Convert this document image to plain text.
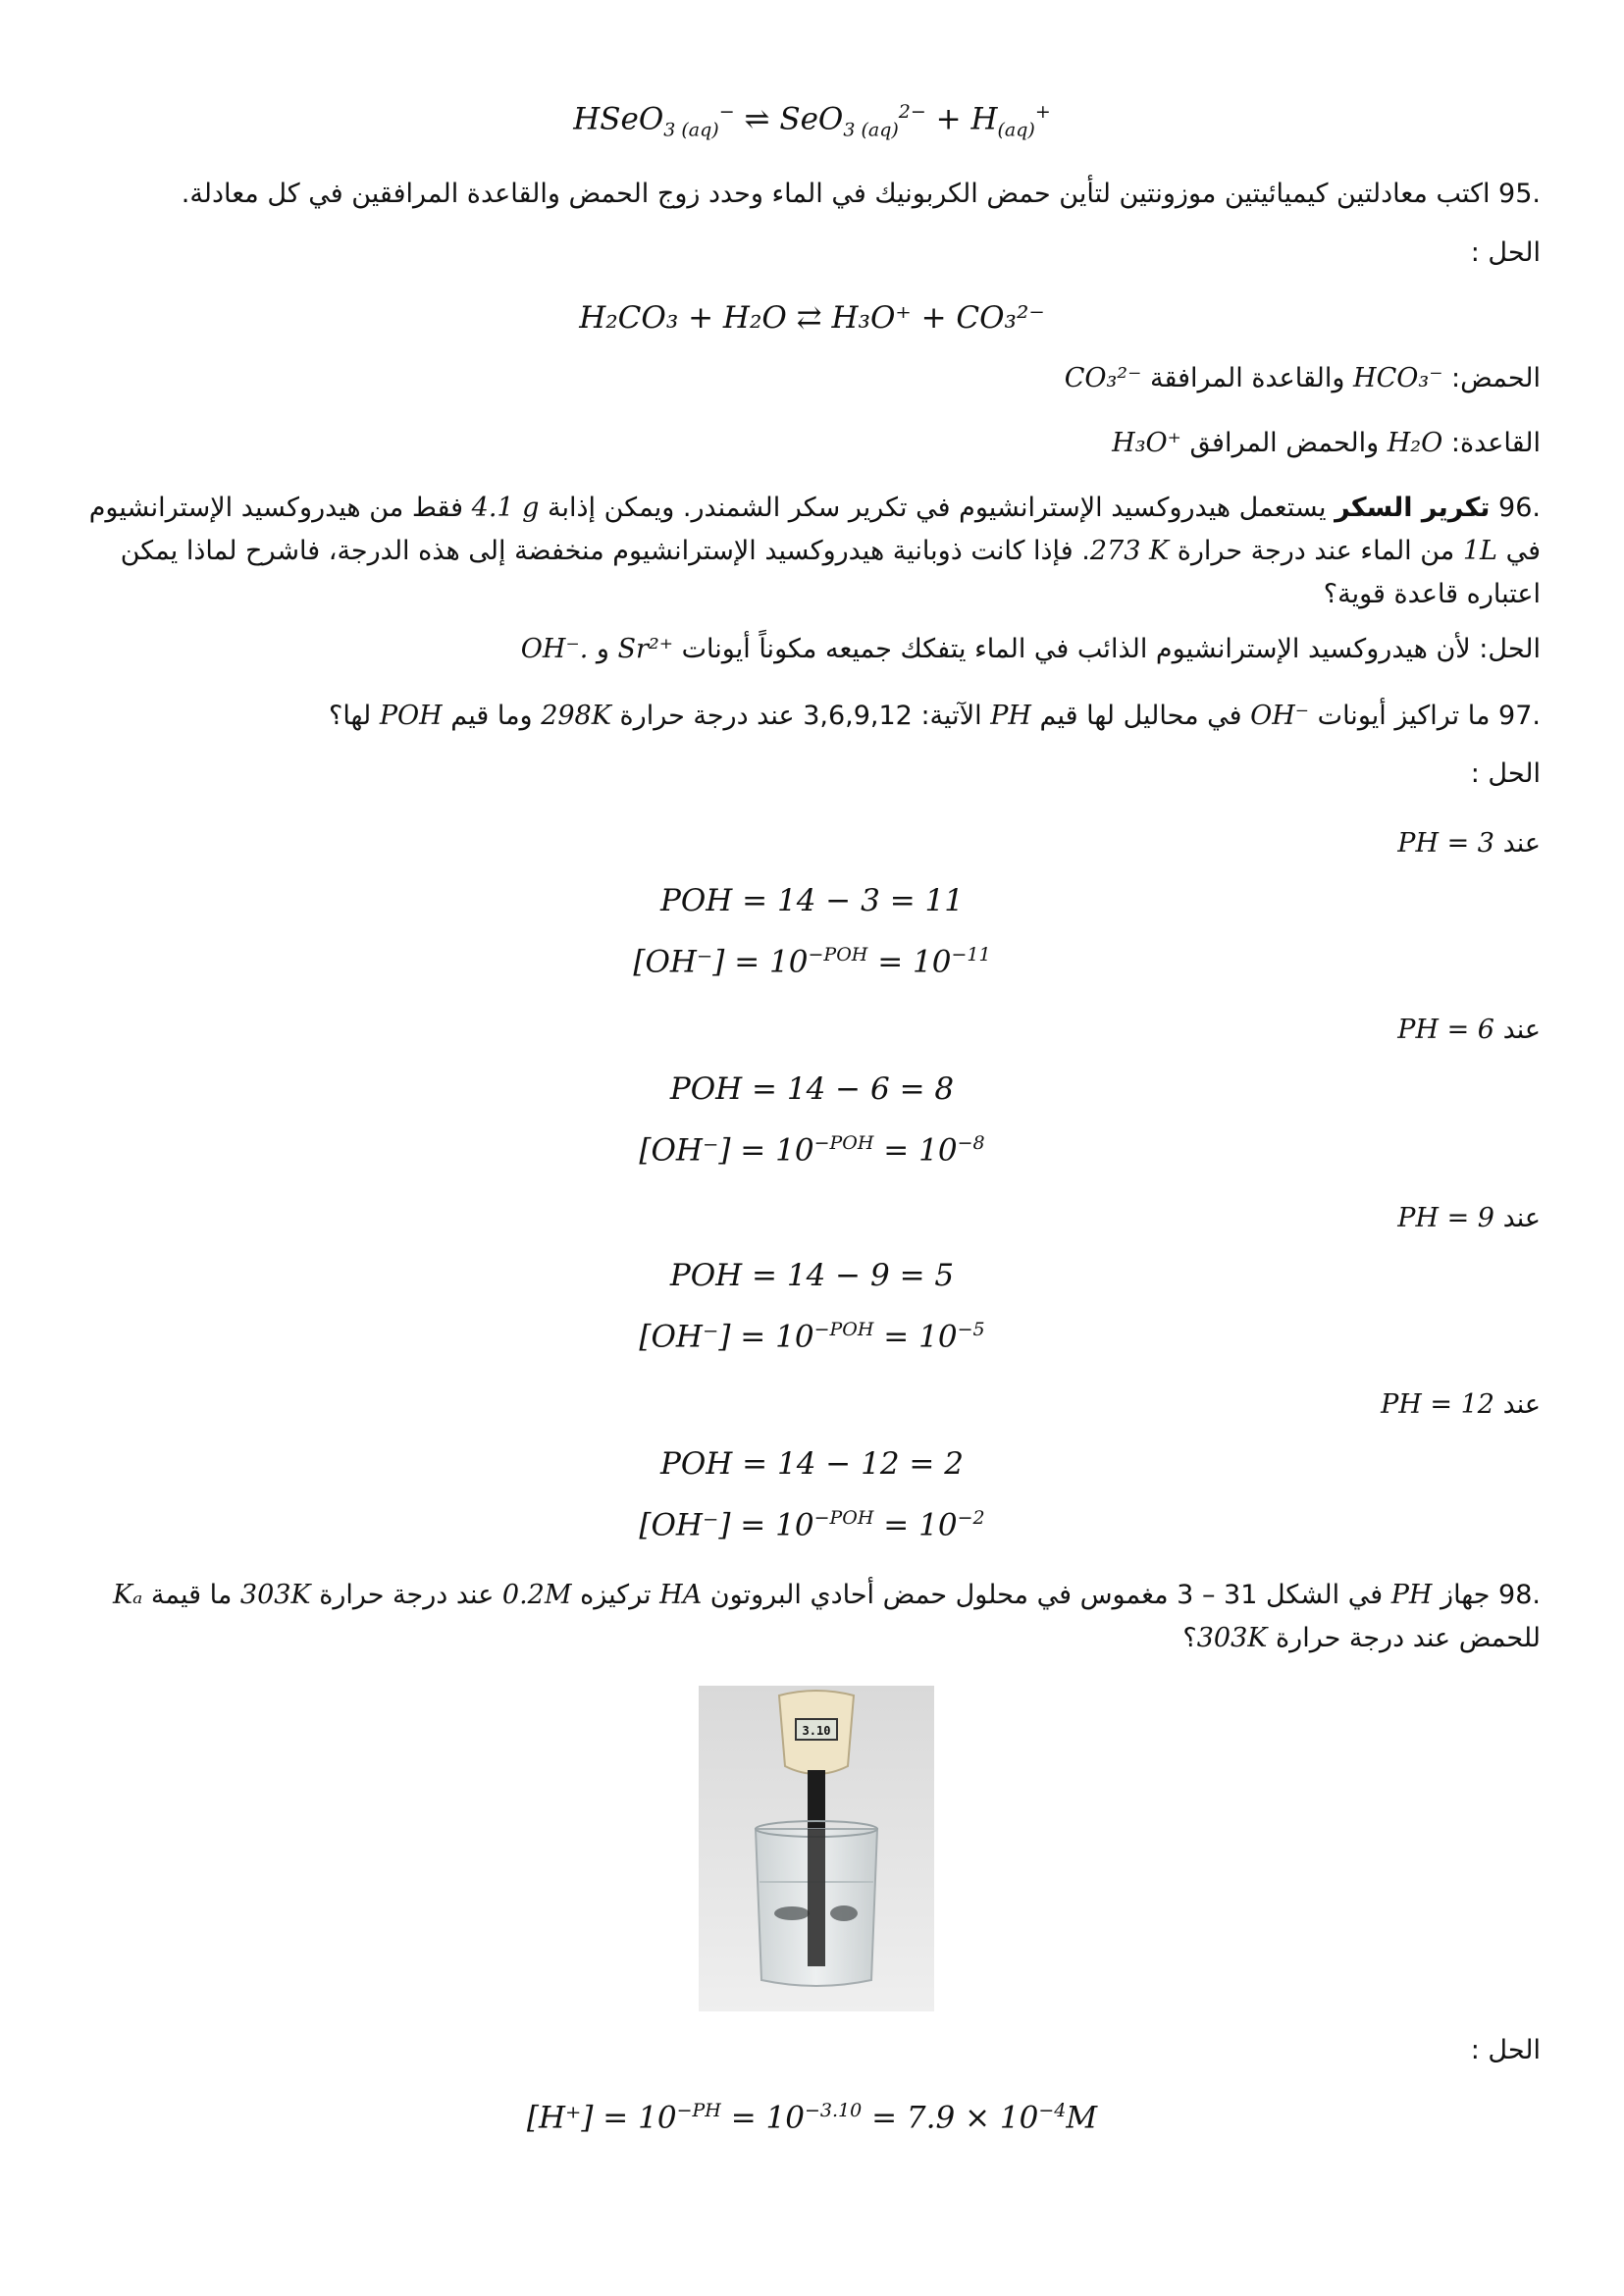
HSeO$_{3 (aq)}$− ⇌ $SeO_{3 (aq)}^{2-} + H_{(aq)}^+$
.95 اكتب معادلتين كيميائيتين موزونتين لتأين حمض الكربونيك في الماء وحدد زوج الحمض والقاعدة المرافقين في كل معادلة.
الحل :
H₂CO₃ + H₂O ⇄ H₃O⁺ + CO₃²⁻
الحمض: HCO₃⁻ والقاعدة المرافقة CO₃²⁻
القاعدة: H₂O والحمض المرافق H₃O⁺
.96 تكرير السكر يستعمل هيدروكسيد الإسترانشيوم في تكرير سكر الشمندر. ويمكن إذابة 4.1 g فقط من هيدروكسيد الإسترانشيوم في 1L من الماء عند درجة حرارة 273 K. فإذا كانت ذوبانية هيدروكسيد الإسترانشيوم منخفضة إلى هذه الدرجة، فاشرح لماذا يمكن اعتباره قاعدة قوية؟
الحل: لأن هيدروكسيد الإسترانشيوم الذائب في الماء يتفكك جميعه مكوناً أيونات Sr²⁺ و OH⁻.
.97 ما تراكيز أيونات OH⁻ في محاليل لها قيم PH الآتية: 3,6,9,12 عند درجة حرارة 298K وما قيم POH لها؟
الحل :
عند PH = 3
POH = 14 − 3 = 11
$[OH^-] = 10^{-POH} = 10^{-11}$
عند PH = 6
POH = 14 − 6 = 8
$[OH^-] = 10^{-POH} = 10^{-8}$
عند PH = 9
POH = 14 − 9 = 5
$[OH^-] = 10^{-POH} = 10^{-5}$
عند PH = 12
POH = 14 − 12 = 2
$[OH^-] = 10^{-POH} = 10^{-2}$
.98 جهاز PH في الشكل 31 – 3 مغموس في محلول حمض أحادي البروتون HA تركيزه 0.2M عند درجة حرارة 303K ما قيمة Kₐ للحمض عند درجة حرارة 303K؟
3.10
الحل :
$[H^+] = 10^{-PH} = 10^{-3.10} = 7.9 \times 10^{-4}M$
